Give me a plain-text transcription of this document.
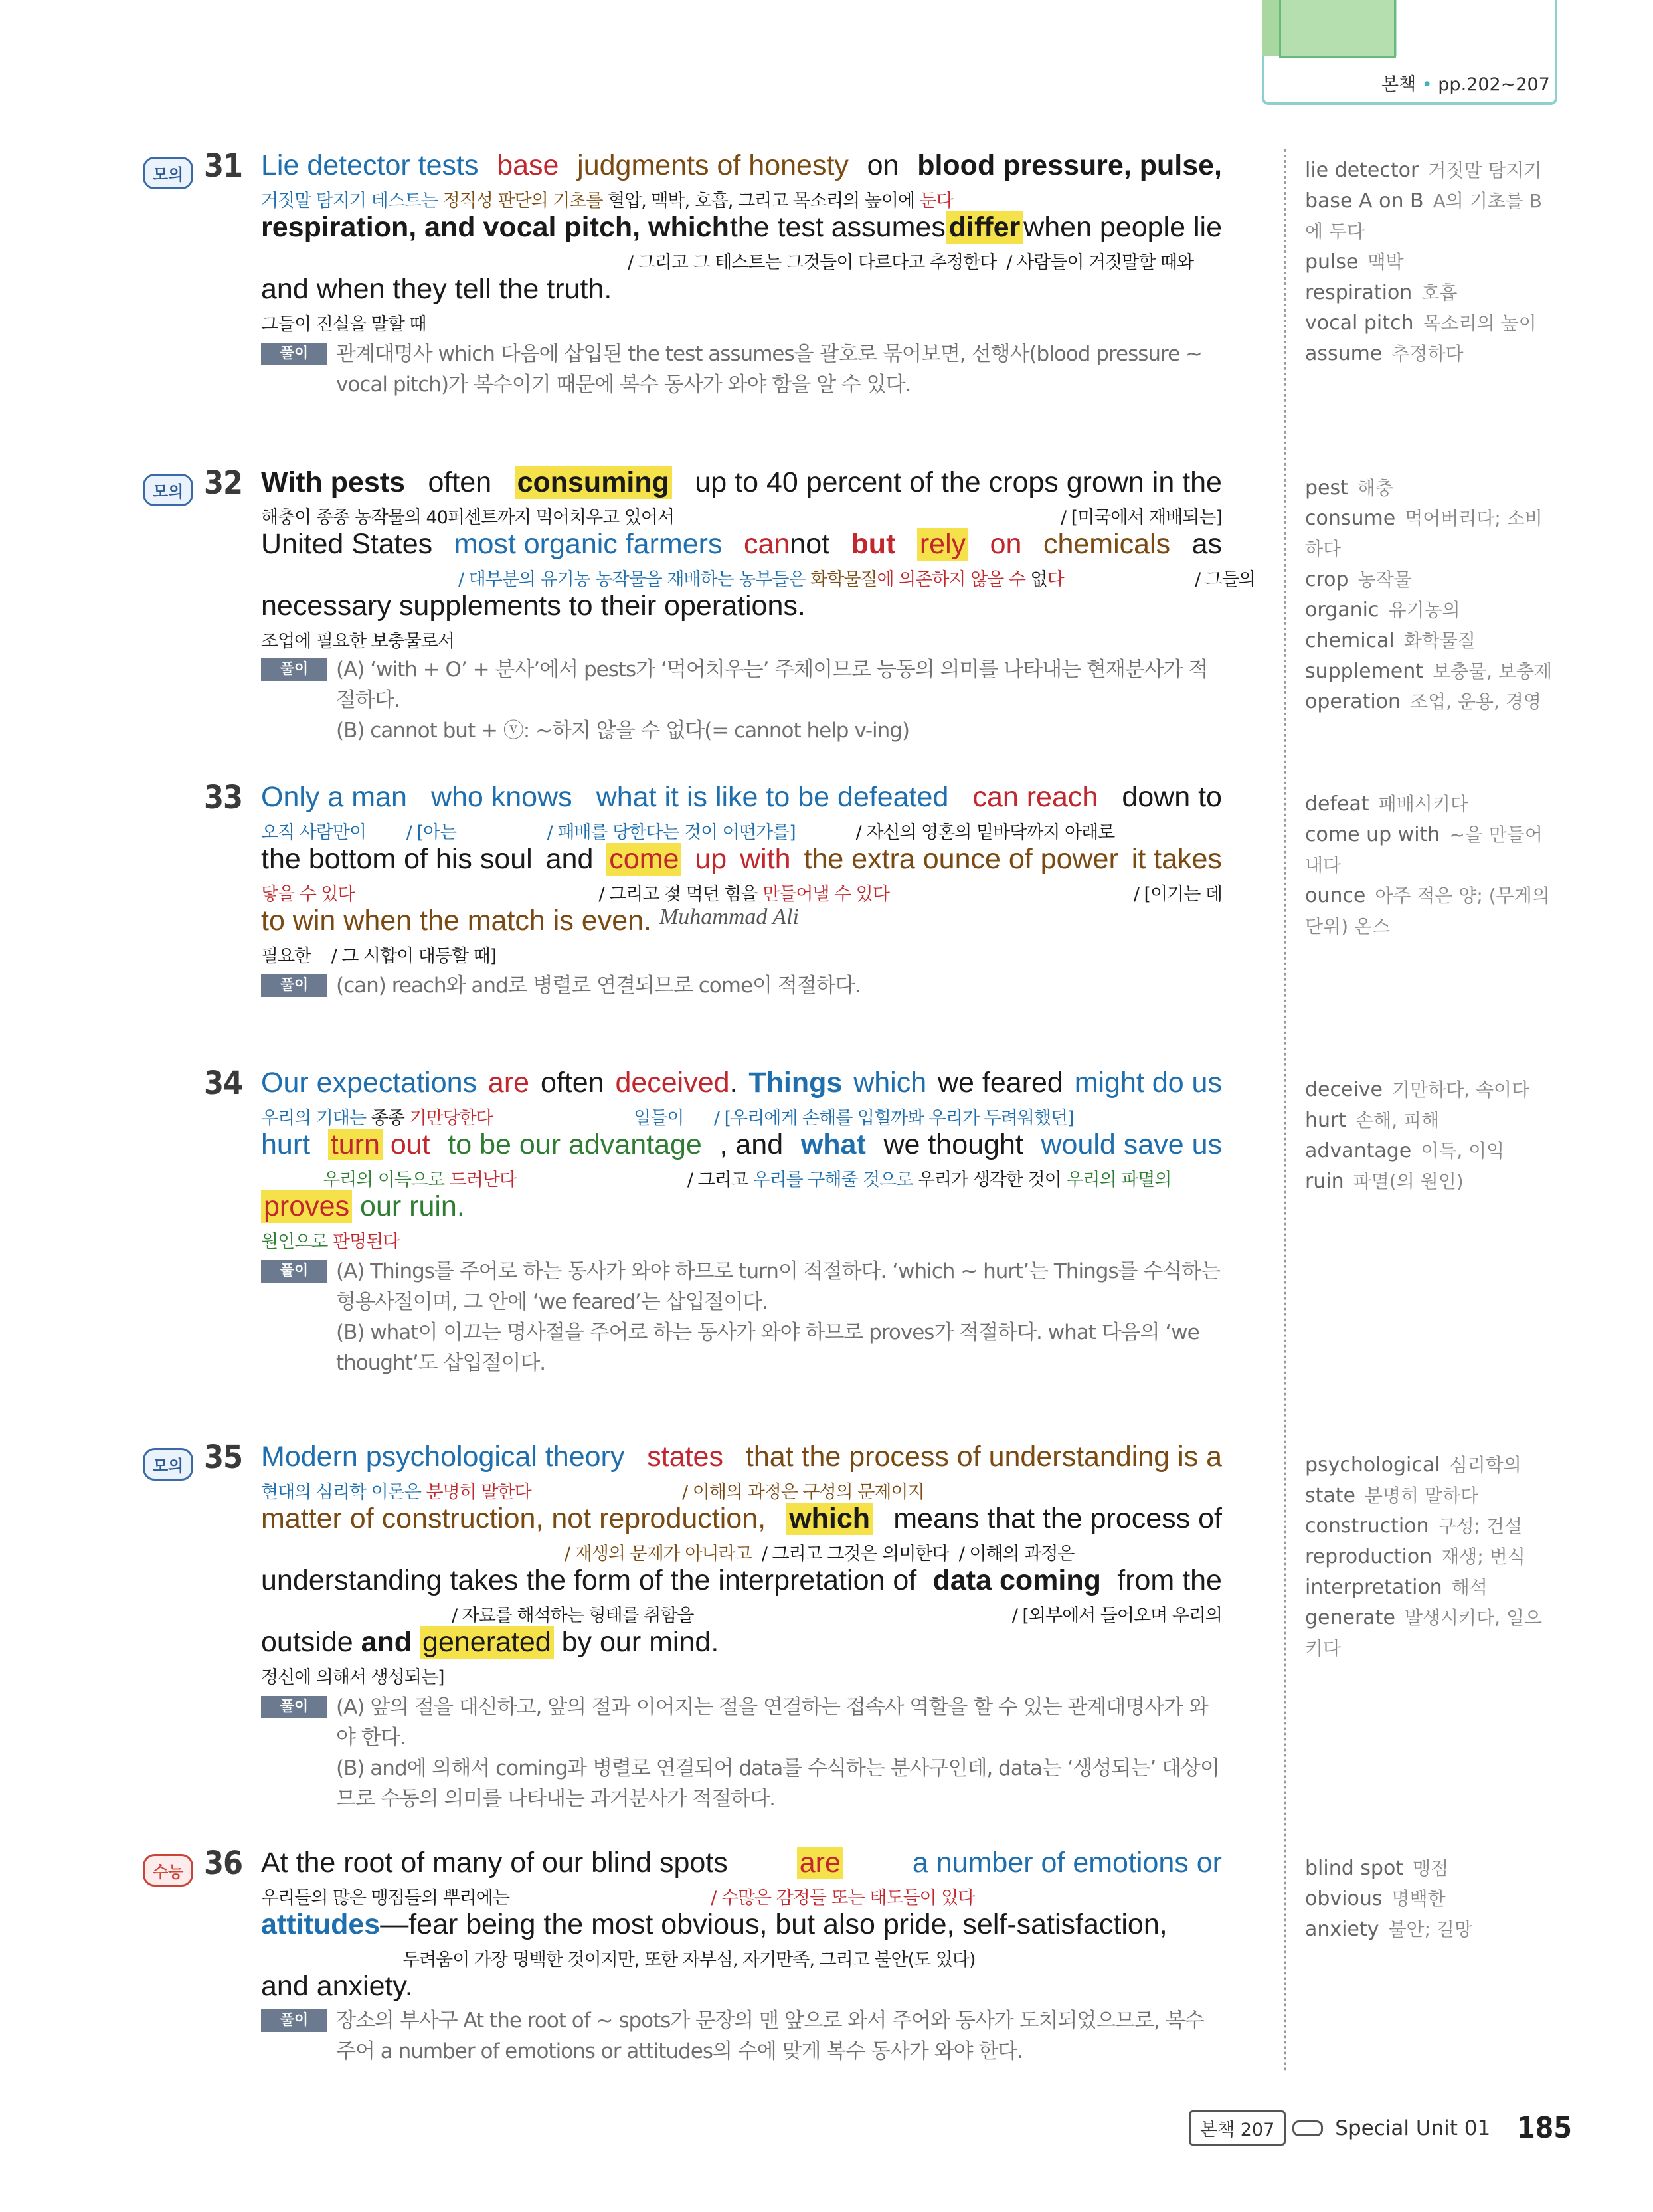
본책 • pp.202~207
모의 31 Lie detector tests base judgments of honesty on blood pressure, pulse,
거짓말 탐지기 테스트는 정직성 판단의 기초를 혈압, 맥박, 호흡, 그리고 목소리의 높이에 둔다
respiration, and vocal pitch, which the test assumes differ when people lie
/ 그리고 그 테스트는 그것들이 다르다고 추정한다 / 사람들이 거짓말할 때와
and when they tell the truth.
그들이 진실을 말할 때
풀이	관계대명사 which 다음에 삽입된 the test assumes을 괄호로 묶어보면, 선행사(blood pressure ~ vocal pitch)가 복수이기 때문에 복수 동사가 와야 함을 알 수 있다.
lie detector 거짓말 탐지기
base A on B A의 기초를 B에 두다
pulse 맥박
respiration 호흡
vocal pitch 목소리의 높이
assume 추정하다
모의 32 With pests often consuming up to 40 percent of the crops grown in the
해충이 종종 농작물의 40퍼센트까지 먹어치우고 있어서	/ [미국에서 재배되는]
United States most organic farmers cannot but rely on chemicals as
/ 대부분의 유기농 농작물을 재배하는 농부들은 화학물질에 의존하지 않을 수 없다	/ 그들의
necessary supplements to their operations.
조업에 필요한 보충물로서
풀이	(A) ‘with + O’ + 분사’에서 pests가 ‘먹어치우는’ 주체이므로 능동의 의미를 나타내는 현재분사가 적절하다.
(B) cannot but + ⓥ: ~하지 않을 수 없다(= cannot help v-ing)
pest 해충
consume 먹어버리다; 소비하다
crop 농작물
organic 유기농의
chemical 화학물질
supplement 보충물, 보충제
operation 조업, 운용, 경영
33 Only a man who knows what it is like to be defeated can reach down to
오직 사람만이 / [아는	/ 패배를 당한다는 것이 어떤가를]	/ 자신의 영혼의 밑바닥까지 아래로
the bottom of his soul and come up with the extra ounce of power it takes
닿을 수 있다	/ 그리고 젖 먹던 힘을 만들어낼 수 있다	/ [이기는 데
to win when the match is even.
Muhammad Ali
필요한 / 그 시합이 대등할 때]
풀이	(can) reach와 and로 병렬로 연결되므로 come이 적절하다.
defeat 패배시키다
come up with ~을 만들어내다
ounce 아주 적은 양; (무게의 단위) 온스
34 Our expectations are often deceived. Things which we feared might do us
우리의 기대는 종종 기만당한다	일들이 / [우리에게 손해를 입힐까봐 우리가 두려워했던]
hurt turn out to be our advantage , and what we thought would save us
우리의 이득으로 드러난다	/ 그리고 우리를 구해줄 것으로 우리가 생각한 것이 우리의 파멸의
proves
our ruin.
원인으로 판명된다
풀이	(A) Things를 주어로 하는 동사가 와야 하므로 turn이 적절하다. ‘which ~ hurt’는 Things를 수식하는 형용사절이며, 그 안에 ‘we feared’는 삽입절이다.
(B) what이 이끄는 명사절을 주어로 하는 동사가 와야 하므로 proves가 적절하다. what 다음의 ‘we thought’도 삽입절이다.
deceive 기만하다, 속이다
hurt 손해, 피해
advantage 이득, 이익
ruin 파멸(의 원인)
모의 35 Modern psychological theory states that the process of understanding is a
현대의 심리학 이론은 분명히 말한다	/ 이해의 과정은 구성의 문제이지
matter of construction, not reproduction, which means that the process of
/ 재생의 문제가 아니라고 / 그리고 그것은 의미한다 / 이해의 과정은
understanding takes the form of the interpretation of data coming from the
/ 자료를 해석하는 형태를 취함을	/ [외부에서 들어오며 우리의
outside
and
generated
by our mind.
정신에 의해서 생성되는]
풀이	(A) 앞의 절을 대신하고, 앞의 절과 이어지는 절을 연결하는 접속사 역할을 할 수 있는 관계대명사가 와야 한다.
(B) and에 의해서 coming과 병렬로 연결되어 data를 수식하는 분사구인데, data는 ‘생성되는’ 대상이므로 수동의 의미를 나타내는 과거분사가 적절하다.
psychological 심리학의
state 분명히 말하다
construction 구성; 건설
reproduction 재생; 번식
interpretation 해석
generate 발생시키다, 일으키다
수능 36 At the root of many of our blind spots	are	a number of emotions or
우리들의 많은 맹점들의 뿌리에는	/ 수많은 감정들 또는 태도들이 있다
attitudes —fear being the most obvious, but also pride, self-satisfaction,
두려움이 가장 명백한 것이지만, 또한 자부심, 자기만족, 그리고 불안(도 있다)
and anxiety.
풀이	장소의 부사구 At the root of ~ spots가 문장의 맨 앞으로 와서 주어와 동사가 도치되었으므로, 복수 주어 a number of emotions or attitudes의 수에 맞게 복수 동사가 와야 한다.
blind spot 맹점
obvious 명백한
anxiety 불안; 길망
본책 207	Special Unit 01 185
